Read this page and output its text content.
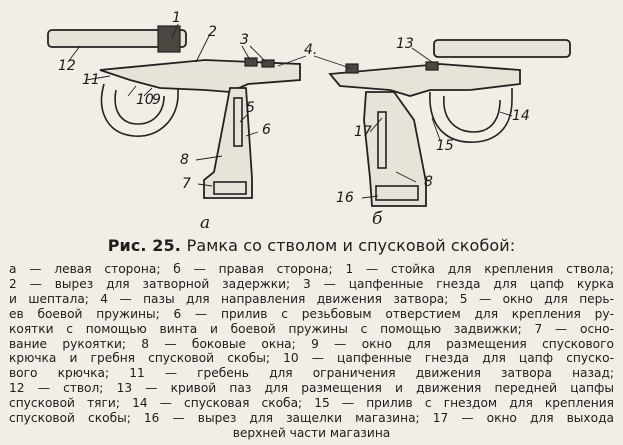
1
2 3
4.
5
6
7
8
9
10
11
12
13
14
15
16
17
8
а	б
Рис. 25. Рамка со стволом и спусковой скобой:
а — левая сторона; б — правая сторона; 1 — стойка для крепления ствола;
2 — вырез для затворной задержки; 3 — цапфенные гнезда для цапф курка
и шептала; 4 — пазы для направления движения затвора; 5 — окно для перь-
ев боевой пружины; 6 — прилив с резьбовым отверстием для крепления ру-
кoятки с помощью винта и боевой пружины с помощью задвижки; 7 — осно-
вание рукоятки; 8 — боковые окна; 9 — окно для размещения спускового
крючка и гребня спусковой скобы; 10 — цапфенные гнезда для цапф спуско-
вого крючка; 11 — гребень для ограничения движения затвора назад;
12 — ствол; 13 — кривой паз для размещения и движения передней цапфы
спусковой тяги; 14 — спусковая скоба; 15 — прилив с гнездом для крепления
спусковой скобы; 16 — вырез для защелки магазина; 17 — окно для выхода
верхней части магазина
